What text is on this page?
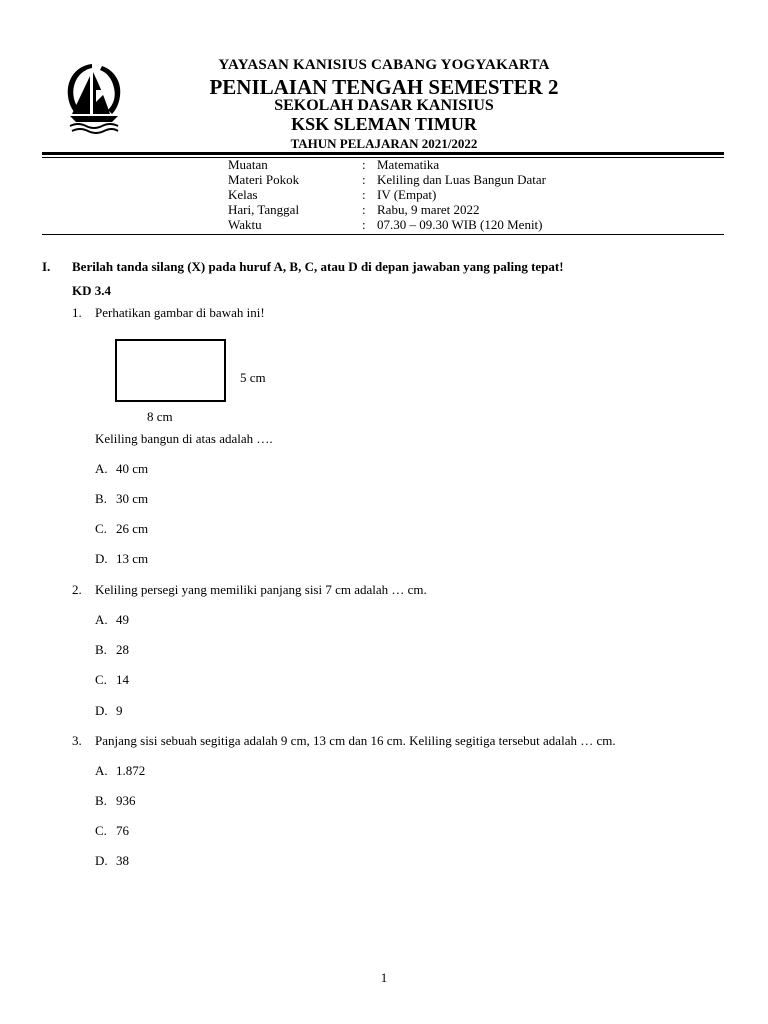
YAYASAN KANISIUS CABANG YOGYAKARTA
PENILAIAN TENGAH SEMESTER 2
SEKOLAH DASAR KANISIUS
KSK SLEMAN TIMUR
TAHUN PELAJARAN 2021/2022
Muatan	: Matematika
Materi Pokok	: Keliling dan Luas Bangun Datar
Kelas	: IV (Empat)
Hari, Tanggal	: Rabu, 9 maret 2022
Waktu	: 07.30 – 09.30 WIB (120 Menit)
I. Berilah tanda silang (X) pada huruf A, B, C, atau D di depan jawaban yang paling tepat!
KD 3.4
1. Perhatikan gambar di bawah ini!
5 cm
8 cm
Keliling bangun di atas adalah ….
A. 40 cm
B. 30 cm
C. 26 cm
D. 13 cm
2. Keliling persegi yang memiliki panjang sisi 7 cm adalah … cm.
A. 49
B. 28
C. 14
D. 9
3. Panjang sisi sebuah segitiga adalah 9 cm, 13 cm dan 16 cm. Keliling segitiga tersebut adalah … cm.
A. 1.872
B. 936
C. 76
D. 38
1
